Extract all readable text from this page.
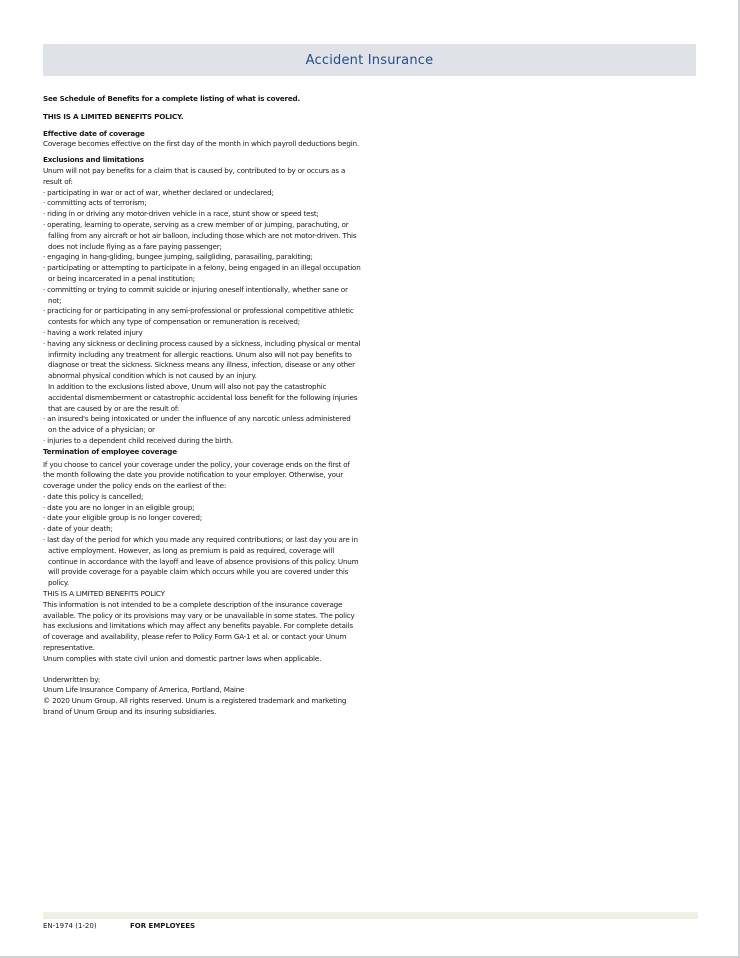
Accident Insurance

See Schedule of Benefits for a complete listing of what is covered.

THIS IS A LIMITED BENEFITS POLICY.

Effective date of coverage

Coverage becomes effective on the first day of the month in which payroll deductions begin.

Exclusions and limitations

Unum will not pay benefits for a claim that is caused by, contributed to by or occurs as a result of:

· participating in war or act of war, whether declared or undeclared;
· committing acts of terrorism;
· riding in or driving any motor-driven vehicle in a race, stunt show or speed test;
· operating, learning to operate, serving as a crew member of or jumping, parachuting, or falling from any aircraft or hot air balloon, including those which are not motor-driven. This does not include flying as a fare paying passenger;
· engaging in hang-gliding, bungee jumping, sailgliding, parasailing, parakiting;
· participating or attempting to participate in a felony, being engaged in an illegal occupation or being incarcerated in a penal institution;
· committing or trying to commit suicide or injuring oneself intentionally, whether sane or not;
· practicing for or participating in any semi-professional or professional competitive athletic contests for which any type of compensation or remuneration is received;
· having a work related injury
· having any sickness or declining process caused by a sickness, including physical or mental infirmity including any treatment for allergic reactions. Unum also will not pay benefits to diagnose or treat the sickness. Sickness means any illness, infection, disease or any other abnormal physical condition which is not caused by an injury.

In addition to the exclusions listed above, Unum will also not pay the catastrophic accidental dismemberment or catastrophic accidental loss benefit for the following injuries that are caused by or are the result of:

· an insured's being intoxicated or under the influence of any narcotic unless administered on the advice of a physician; or
· injuries to a dependent child received during the birth.

Termination of employee coverage

If you choose to cancel your coverage under the policy, your coverage ends on the first of the month following the date you provide notification to your employer. Otherwise, your coverage under the policy ends on the earliest of the:

· date this policy is cancelled;
· date you are no longer in an eligible group;
· date your eligible group is no longer covered;
· date of your death;
· last day of the period for which you made any required contributions; or last day you are in active employment. However, as long as premium is paid as required, coverage will continue in accordance with the layoff and leave of absence provisions of this policy. Unum will provide coverage for a payable claim which occurs while you are covered under this policy.

THIS IS A LIMITED BENEFITS POLICY

This information is not intended to be a complete description of the insurance coverage available. The policy or its provisions may vary or be unavailable in some states. The policy has exclusions and limitations which may affect any benefits payable. For complete details of coverage and availability, please refer to Policy Form GA-1 et al. or contact your Unum representative.

Unum complies with state civil union and domestic partner laws when applicable.

Underwritten by:

Unum Life Insurance Company of America, Portland, Maine

© 2020 Unum Group. All rights reserved. Unum is a registered trademark and marketing brand of Unum Group and its insuring subsidiaries.

EN-1974 (1-20)	FOR EMPLOYEES
